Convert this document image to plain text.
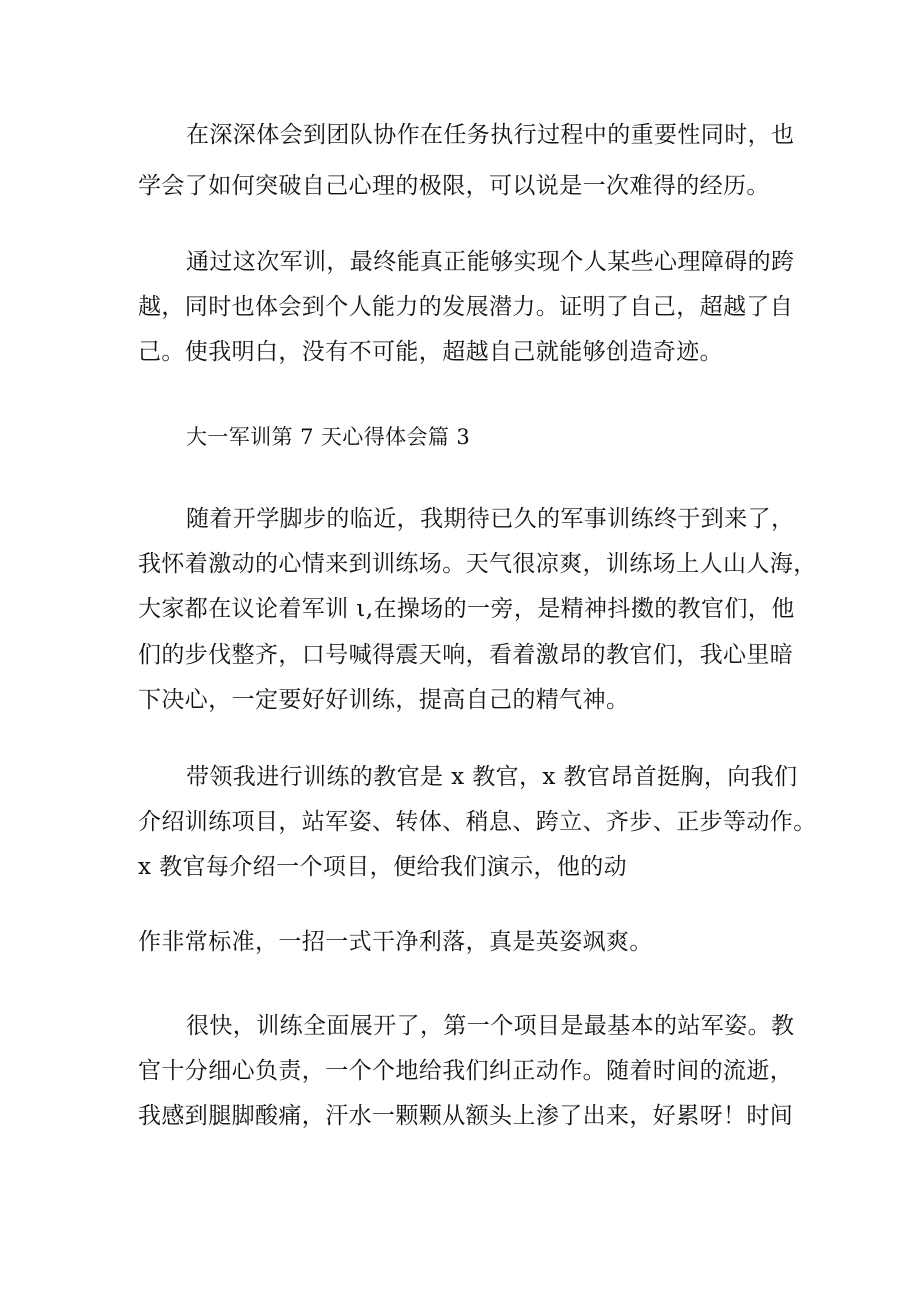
在深深体会到团队协作在任务执行过程中的重要性同时，也
学会了如何突破自己心理的极限，可以说是一次难得的经历。
通过这次军训，最终能真正能够实现个人某些心理障碍的跨
越，同时也体会到个人能力的发展潜力。证明了自己，超越了自
己。使我明白，没有不可能，超越自己就能够创造奇迹。
大一军训第 7 天心得体会篇 3
随着开学脚步的临近，我期待已久的军事训练终于到来了，
我怀着激动的心情来到训练场。天气很凉爽，训练场上人山人海，
大家都在议论着军训 ι,在操场的一旁，是精神抖擞的教官们，他
们的步伐整齐，口号喊得震天响，看着激昂的教官们，我心里暗
下决心，一定要好好训练，提高自己的精气神。
带领我进行训练的教官是 x 教官，x 教官昂首挺胸，向我们
介绍训练项目，站军姿、转体、稍息、跨立、齐步、正步等动作。
x 教官每介绍一个项目，便给我们演示，他的动
作非常标准，一招一式干净利落，真是英姿飒爽。
很快，训练全面展开了，第一个项目是最基本的站军姿。教
官十分细心负责，一个个地给我们纠正动作。随着时间的流逝，
我感到腿脚酸痛，汗水一颗颗从额头上渗了出来，好累呀！时间
